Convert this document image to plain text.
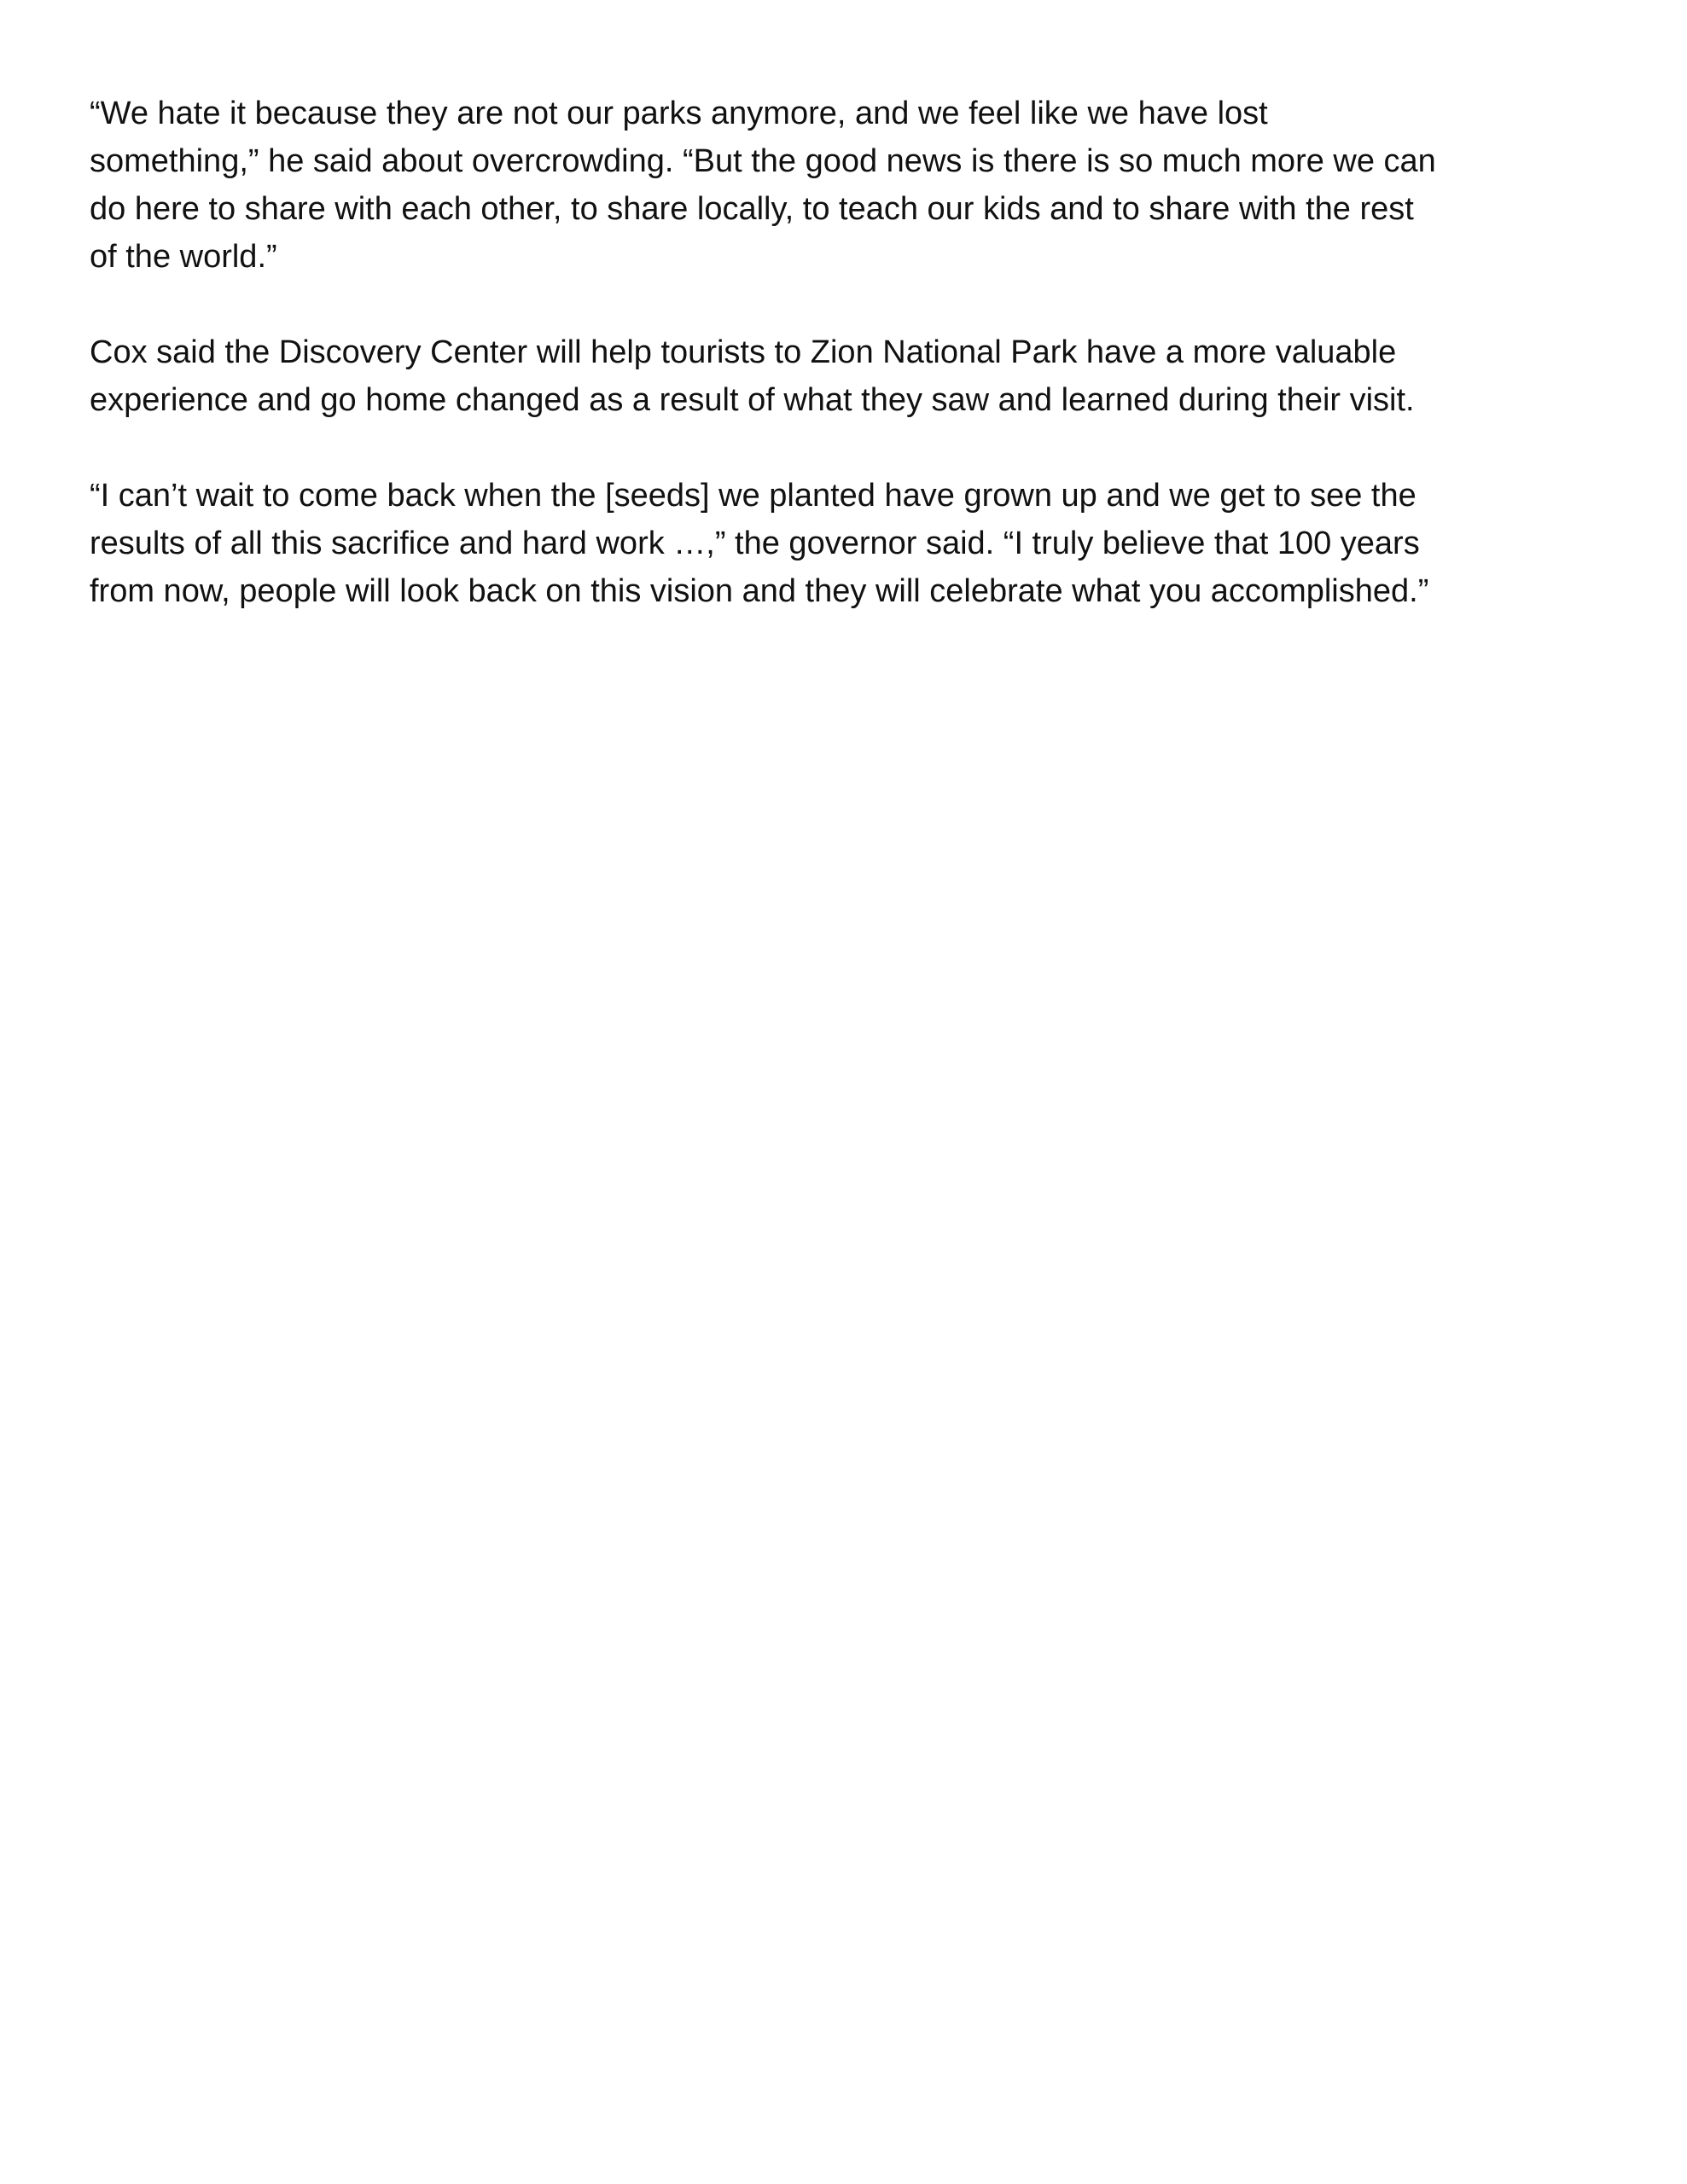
“We hate it because they are not our parks anymore, and we feel like we have lost
something,” he said about overcrowding. “But the good news is there is so much more we can
do here to share with each other, to share locally, to teach our kids and to share with the rest
of the world.”

Cox said the Discovery Center will help tourists to Zion National Park have a more valuable
experience and go home changed as a result of what they saw and learned during their visit.

“I can’t wait to come back when the [seeds] we planted have grown up and we get to see the
results of all this sacrifice and hard work …,” the governor said. “I truly believe that 100 years
from now, people will look back on this vision and they will celebrate what you accomplished.”
